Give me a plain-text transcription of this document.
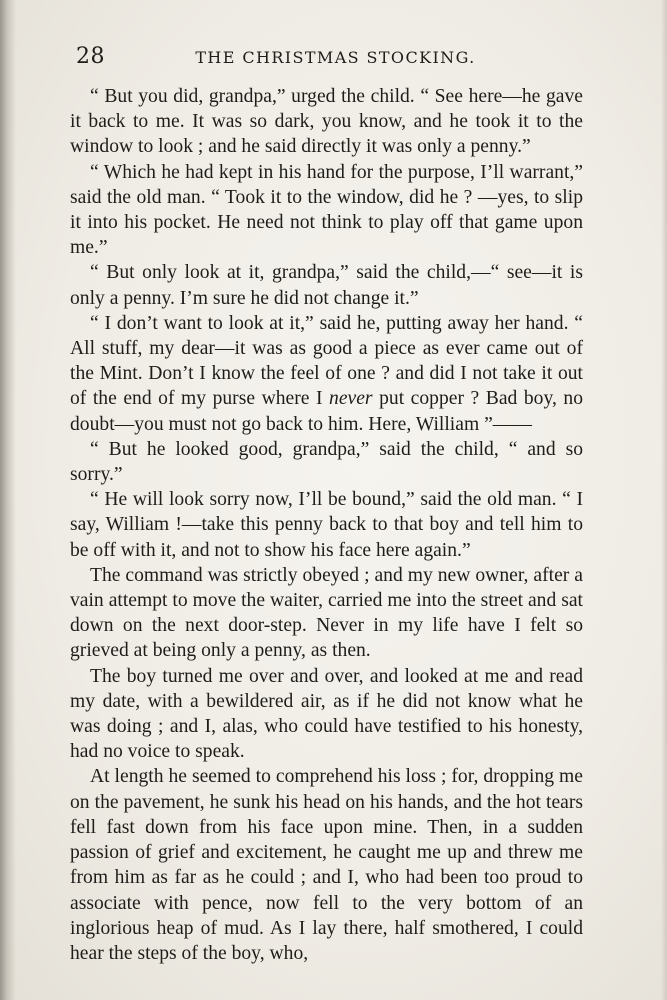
28	THE CHRISTMAS STOCKING.

“ But you did, grandpa,” urged the child. “ See here—he gave it back to me. It was so dark, you know, and he took it to the window to look ; and he said directly it was only a penny.”

“ Which he had kept in his hand for the purpose, I’ll warrant,” said the old man. “ Took it to the window, did he ? —yes, to slip it into his pocket. He need not think to play off that game upon me.”

“ But only look at it, grandpa,” said the child,—“ see—it is only a penny. I’m sure he did not change it.”

“ I don’t want to look at it,” said he, putting away her hand. “ All stuff, my dear—it was as good a piece as ever came out of the Mint. Don’t I know the feel of one ? and did I not take it out of the end of my purse where I never put copper ? Bad boy, no doubt—you must not go back to him. Here, William ”——

“ But he looked good, grandpa,” said the child, “ and so sorry.”

“ He will look sorry now, I’ll be bound,” said the old man. “ I say, William !—take this penny back to that boy and tell him to be off with it, and not to show his face here again.”

The command was strictly obeyed ; and my new owner, after a vain attempt to move the waiter, carried me into the street and sat down on the next door-step. Never in my life have I felt so grieved at being only a penny, as then.

The boy turned me over and over, and looked at me and read my date, with a bewildered air, as if he did not know what he was doing ; and I, alas, who could have testified to his honesty, had no voice to speak.

At length he seemed to comprehend his loss ; for, dropping me on the pavement, he sunk his head on his hands, and the hot tears fell fast down from his face upon mine. Then, in a sudden passion of grief and excitement, he caught me up and threw me from him as far as he could ; and I, who had been too proud to associate with pence, now fell to the very bottom of an inglorious heap of mud. As I lay there, half smothered, I could hear the steps of the boy, who,
